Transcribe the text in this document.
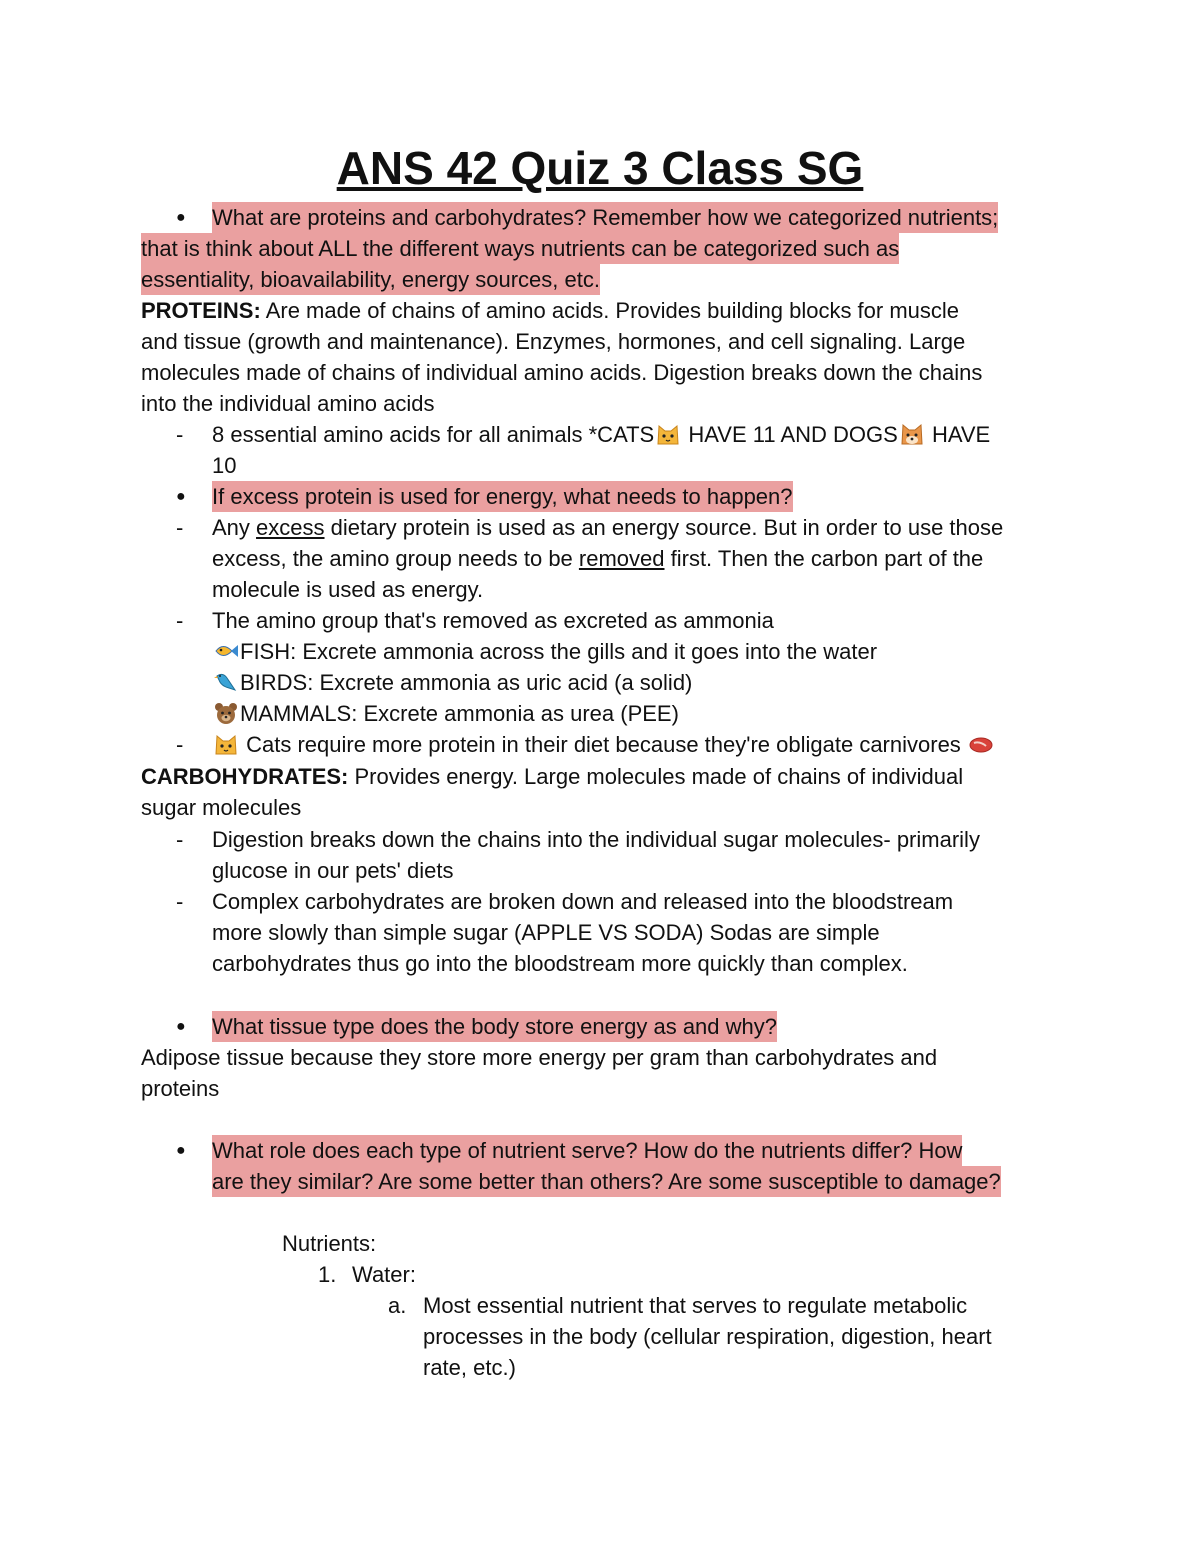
ANS 42 Quiz 3 Class SG
● What are proteins and carbohydrates? Remember how we categorized nutrients;
that is think about ALL the different ways nutrients can be categorized such as
essentiality, bioavailability, energy sources, etc.
PROTEINS: Are made of chains of amino acids. Provides building blocks for muscle
and tissue (growth and maintenance). Enzymes, hormones, and cell signaling. Large
molecules made of chains of individual amino acids. Digestion breaks down the chains
into the individual amino acids
- 8 essential amino acids for all animals *CATS HAVE 11 AND DOGS HAVE
10
● If excess protein is used for energy, what needs to happen?
- Any excess dietary protein is used as an energy source. But in order to use those
excess, the amino group needs to be removed first. Then the carbon part of the
molecule is used as energy.
- The amino group that's removed as excreted as ammonia
FISH: Excrete ammonia across the gills and it goes into the water
BIRDS: Excrete ammonia as uric acid (a solid)
MAMMALS: Excrete ammonia as urea (PEE)
-	Cats require more protein in their diet because they're obligate carnivores
CARBOHYDRATES: Provides energy. Large molecules made of chains of individual
sugar molecules
- Digestion breaks down the chains into the individual sugar molecules- primarily
glucose in our pets' diets
- Complex carbohydrates are broken down and released into the bloodstream
more slowly than simple sugar (APPLE VS SODA) Sodas are simple
carbohydrates thus go into the bloodstream more quickly than complex.
● What tissue type does the body store energy as and why?
Adipose tissue because they store more energy per gram than carbohydrates and
proteins
● What role does each type of nutrient serve? How do the nutrients differ? How
are they similar? Are some better than others? Are some susceptible to damage?
Nutrients:
1. Water:
a. Most essential nutrient that serves to regulate metabolic
processes in the body (cellular respiration, digestion, heart
rate, etc.)
